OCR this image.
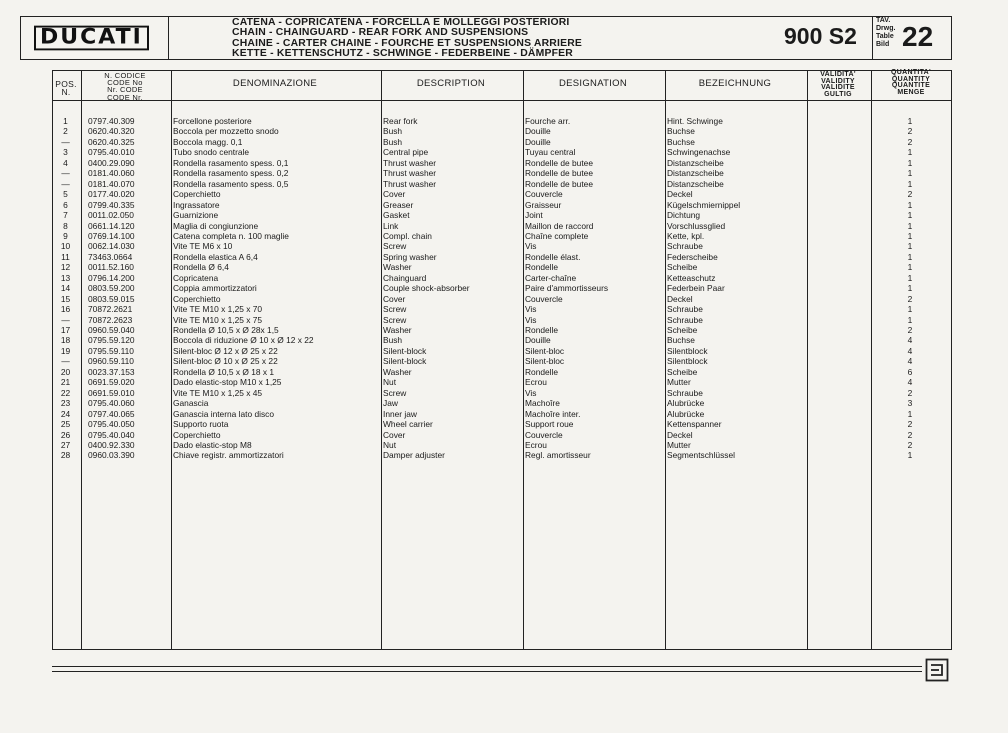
DUCATI
CATENA - COPRICATENA - FORCELLA E MOLLEGGI POSTERIORI
CHAIN - CHAINGUARD - REAR FORK AND SUSPENSIONS
CHAINE - CARTER CHAINE - FOURCHE ET SUSPENSIONS ARRIERE
KETTE - KETTENSCHUTZ - SCHWINGE - FEDERBEINE - DÄMPFER
900 S2
TAV.
Drwg.
Table
Bild 22
POS.
N.
N. CODICE
CODE No
Nr. CODE
CODE Nr.
DENOMINAZIONE	DESCRIPTION	DESIGNATION	BEZEICHNUNG
VALIDITA'
VALIDITY
VALIDITE
GULTIG
QUANTITA'
QUANTITY
QUANTITE
MENGE
1	0797.40.309	Forcellone posteriore	Rear fork	Fourche arr.	Hint. Schwinge	1
2	0620.40.320	Boccola per mozzetto snodo	Bush	Douille	Buchse	2
—	0620.40.325	Boccola magg. 0,1	Bush	Douille	Buchse	2
3	0795.40.010	Tubo snodo centrale	Central pipe	Tuyau central	Schwingenachse	1
4	0400.29.090	Rondella rasamento spess. 0,1	Thrust washer	Rondelle de butee	Distanzscheibe	1
—	0181.40.060	Rondella rasamento spess. 0,2	Thrust washer	Rondelle de butee	Distanzscheibe	1
—	0181.40.070	Rondella rasamento spess. 0,5	Thrust washer	Rondelle de butee	Distanzscheibe	1
5	0177.40.020	Coperchietto	Cover	Couvercle	Deckel	2
6	0799.40.335	Ingrassatore	Greaser	Graisseur	Kügelschmiernippel	1
7	0011.02.050	Guarnizione	Gasket	Joint	Dichtung	1
8	0661.14.120	Maglia di congiunzione	Link	Maillon de raccord	Vorschlussglied	1
9	0769.14.100	Catena completa n. 100 maglie	Compl. chain	Chaîne complete	Kette, kpl.	1
10	0062.14.030	Vite TE M6 x 10	Screw	Vis	Schraube	1
11	73463.0664	Rondella elastica A 6,4	Spring washer	Rondelle élast.	Federscheibe	1
12	0011.52.160	Rondella Ø 6,4	Washer	Rondelle	Scheibe	1
13	0796.14.200	Copricatena	Chainguard	Carter-chaîne	Ketteaschutz	1
14	0803.59.200	Coppia ammortizzatori	Couple shock-absorber	Paire d'ammortisseurs	Federbein Paar	1
15	0803.59.015	Coperchietto	Cover	Couvercle	Deckel	2
16	70872.2621	Vite TE M10 x 1,25 x 70	Screw	Vis	Schraube	1
—	70872.2623	Vite TE M10 x 1,25 x 75	Screw	Vis	Schraube	1
17	0960.59.040	Rondella Ø 10,5 x Ø 28x 1,5	Washer	Rondelle	Scheibe	2
18	0795.59.120	Boccola di riduzione Ø 10 x Ø 12 x 22	Bush	Douille	Buchse	4
19	0795.59.110	Silent-bloc Ø 12 x Ø 25 x 22	Silent-block	Silent-bloc	Silentblock	4
—	0960.59.110	Silent-bloc Ø 10 x Ø 25 x 22	Silent-block	Silent-bloc	Silentblock	4
20	0023.37.153	Rondella Ø 10,5 x Ø 18 x 1	Washer	Rondelle	Scheibe	6
21	0691.59.020	Dado elastic-stop M10 x 1,25	Nut	Ecrou	Mutter	4
22	0691.59.010	Vite TE M10 x 1,25 x 45	Screw	Vis	Schraube	2
23	0795.40.060	Ganascia	Jaw	Machoîre	Alubrücke	3
24	0797.40.065	Ganascia interna lato disco	Inner jaw	Machoîre inter.	Alubrücke	1
25	0795.40.050	Supporto ruota	Wheel carrier	Support roue	Kettenspanner	2
26	0795.40.040	Coperchietto	Cover	Couvercle	Deckel	2
27	0400.92.330	Dado elastic-stop M8	Nut	Ecrou	Mutter	2
28	0960.03.390	Chiave registr. ammortizzatori	Damper adjuster	Regl. amortisseur	Segmentschlüssel	1
